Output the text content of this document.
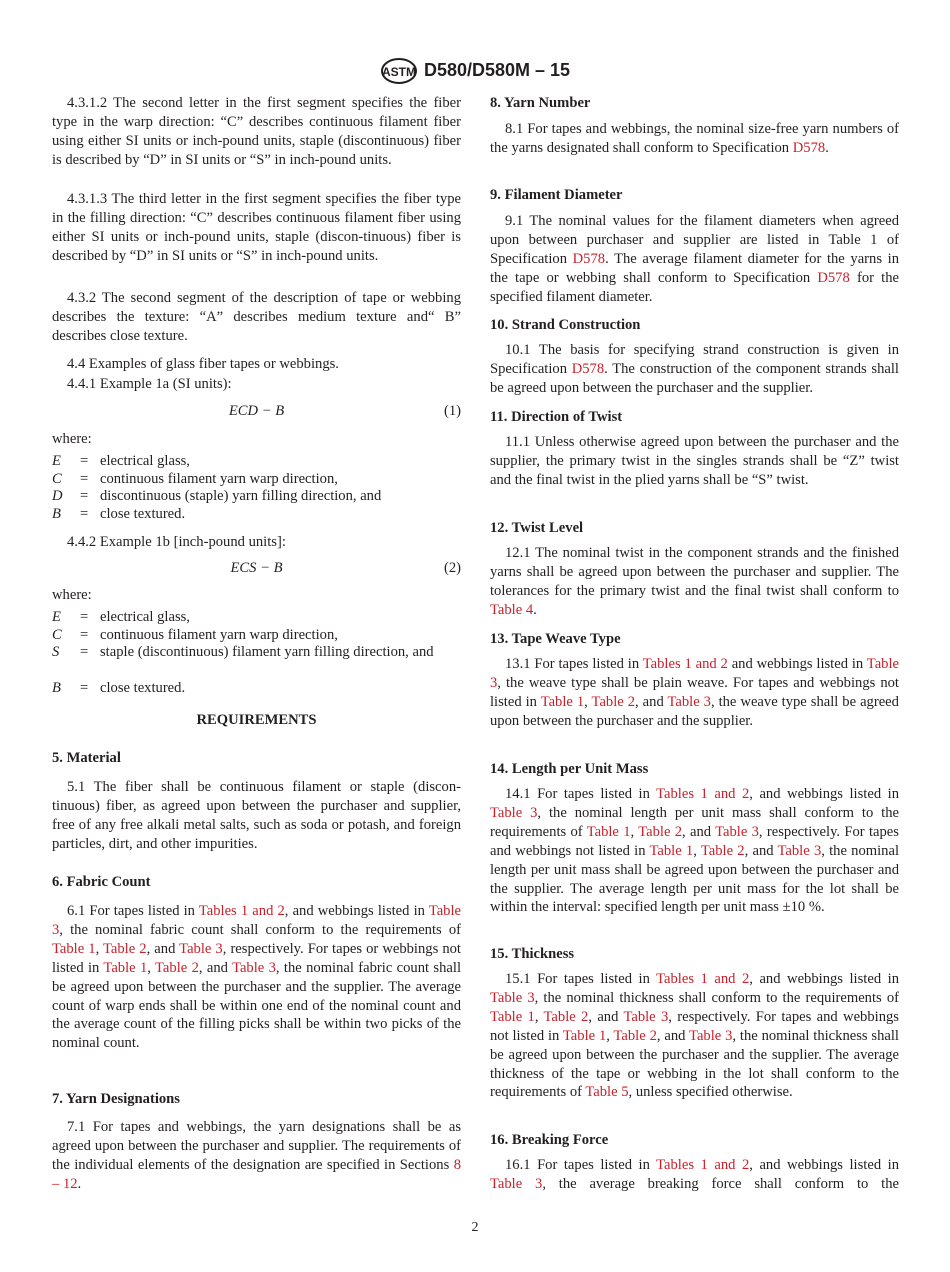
ASTM D580/D580M – 15
4.3.1.2 The second letter in the first segment specifies the fiber type in the warp direction: “C” describes continuous filament fiber using either SI units or inch-pound units, staple (discontinuous) fiber is described by “D” in SI units or “S” in inch-pound units.
4.3.1.3 The third letter in the first segment specifies the fiber type in the filling direction: “C” describes continuous filament fiber using either SI units or inch-pound units, staple (discon-tinuous) fiber is described by “D” in SI units or “S” in inch-pound units.
4.3.2 The second segment of the description of tape or webbing describes the texture: “A” describes medium texture and“ B” describes close texture.
4.4 Examples of glass fiber tapes or webbings.
4.4.1 Example 1a (SI units):
ECD − B	(1)
where:
E = electrical glass,
C = continuous filament yarn warp direction,
D = discontinuous (staple) yarn filling direction, and
B = close textured.
4.4.2 Example 1b [inch-pound units]:
ECS − B	(2)
where:
E = electrical glass,
C = continuous filament yarn warp direction,
S = staple (discontinuous) filament yarn filling direction, and
B = close textured.
REQUIREMENTS
5. Material
5.1 The fiber shall be continuous filament or staple (discon-tinuous) fiber, as agreed upon between the purchaser and supplier, free of any free alkali metal salts, such as soda or potash, and foreign particles, dirt, and other impurities.
6. Fabric Count
6.1 For tapes listed in Tables 1 and 2, and webbings listed in Table 3, the nominal fabric count shall conform to the requirements of Table 1, Table 2, and Table 3, respectively. For tapes or webbings not listed in Table 1, Table 2, and Table 3, the nominal fabric count shall be agreed upon between the purchaser and the supplier. The average count of warp ends shall be within one end of the nominal count and the average count of the filling picks shall be within two picks of the nominal count.
7. Yarn Designations
7.1 For tapes and webbings, the yarn designations shall be as agreed upon between the purchaser and supplier. The requirements of the individual elements of the designation are specified in Sections 8 – 12.
8. Yarn Number
8.1 For tapes and webbings, the nominal size-free yarn numbers of the yarns designated shall conform to Specification D578.
9. Filament Diameter
9.1 The nominal values for the filament diameters when agreed upon between purchaser and supplier are listed in Table 1 of Specification D578. The average filament diameter for the yarns in the tape or webbing shall conform to Specification D578 for the specified filament diameter.
10. Strand Construction
10.1 The basis for specifying strand construction is given in Specification D578. The construction of the component strands shall be agreed upon between the purchaser and the supplier.
11. Direction of Twist
11.1 Unless otherwise agreed upon between the purchaser and the supplier, the primary twist in the singles strands shall be “Z” twist and the final twist in the plied yarns shall be “S” twist.
12. Twist Level
12.1 The nominal twist in the component strands and the finished yarns shall be agreed upon between the purchaser and supplier. The tolerances for the primary twist and the final twist shall conform to Table 4.
13. Tape Weave Type
13.1 For tapes listed in Tables 1 and 2 and webbings listed in Table 3, the weave type shall be plain weave. For tapes and webbings not listed in Table 1, Table 2, and Table 3, the weave type shall be agreed upon between the purchaser and the supplier.
14. Length per Unit Mass
14.1 For tapes listed in Tables 1 and 2, and webbings listed in Table 3, the nominal length per unit mass shall conform to the requirements of Table 1, Table 2, and Table 3, respectively. For tapes and webbings not listed in Table 1, Table 2, and Table 3, the nominal length per unit mass shall be agreed upon between the purchaser and the supplier. The average length per unit mass for the lot shall be within the interval: specified length per unit mass ±10 %.
15. Thickness
15.1 For tapes listed in Tables 1 and 2, and webbings listed in Table 3, the nominal thickness shall conform to the requirements of Table 1, Table 2, and Table 3, respectively. For tapes and webbings not listed in Table 1, Table 2, and Table 3, the nominal thickness shall be agreed upon between the purchaser and the supplier. The average thickness of the tape or webbing in the lot shall conform to the requirements of Table 5, unless specified otherwise.
16. Breaking Force
16.1 For tapes listed in Tables 1 and 2, and webbings listed in Table 3, the average breaking force shall conform to the
2
